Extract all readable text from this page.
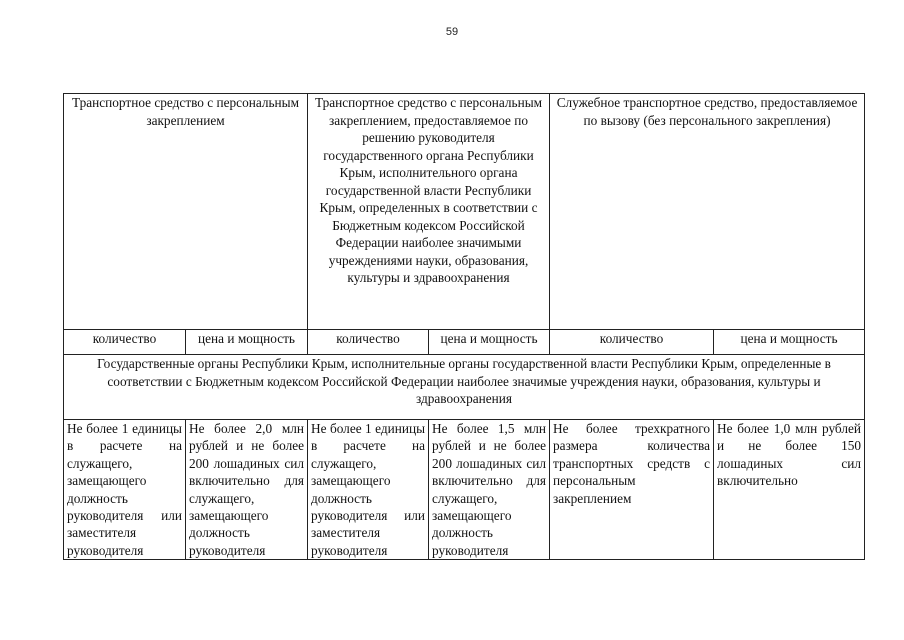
59
Транспортное средство с персональным закреплением		Транспортное средство с персональным закреплением, предоставляемое по решению руководителя государственного органа Республики Крым, исполнительного органа государственной власти Республики Крым, определенных в соответствии с Бюджетным кодексом Российской Федерации наиболее значимыми учреждениями науки, образования, культуры и здравоохранения		Служебное транспортное средство, предоставляемое по вызову (без персонального закрепления)	
количество	цена и мощность	количество	цена и мощность	количество	цена и мощность
Государственные органы Республики Крым, исполнительные органы государственной власти Республики Крым, определенные в соответствии с Бюджетным кодексом Российской Федерации наиболее значимые учреждения науки, образования, культуры и здравоохранения					

Не более 1 единицы в расчете на служащего, замещающего должность руководителя или заместителя руководителя	Не более 2,0 млн рублей и не более 200 лошадиных сил включительно для служащего, замещающего должность руководителя	Не более 1 единицы в расчете на служащего, замещающего должность руководителя или заместителя руководителя	Не более 1,5 млн рублей и не более 200 лошадиных сил включительно для служащего, замещающего должность руководителя	Не более трехкратного размера количества транспортных средств с персональным закреплением	Не более 1,0 млн рублей и не более 150 лошадиных сил включительно
